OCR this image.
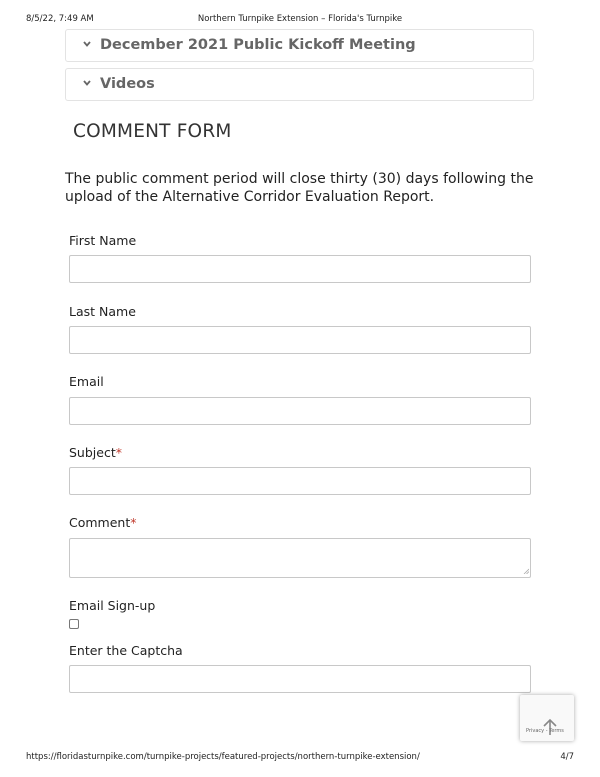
8/5/22, 7:49 AM	Northern Turnpike Extension – Florida's Turnpike
December 2021 Public Kickoff Meeting
Videos
COMMENT FORM
The public comment period will close thirty (30) days following the upload of the Alternative Corridor Evaluation Report.
First Name
Last Name
Email
Subject*
Comment*
Email Sign-up
Enter the Captcha
Privacy - Terms
https://floridasturnpike.com/turnpike-projects/featured-projects/northern-turnpike-extension/	4/7
